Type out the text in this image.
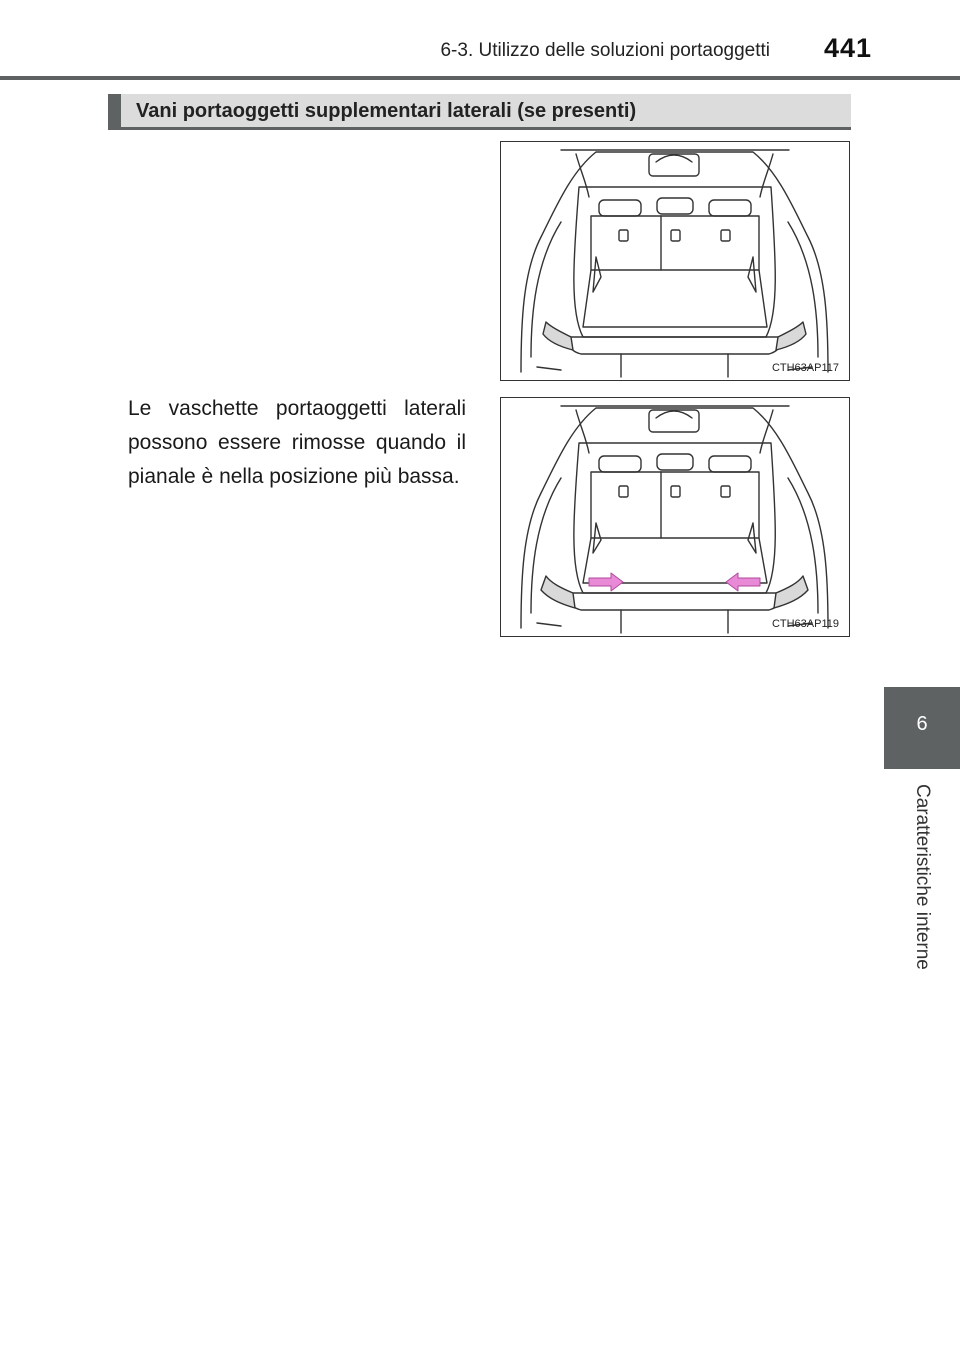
6-3. Utilizzo delle soluzioni portaoggetti	441
6
Caratteristiche interne
Vani portaoggetti supplementari laterali (se presenti)
Le vaschette portaoggetti laterali possono essere rimosse quando il pianale è nella posizione più bassa.
CTH63AP117
CTH63AP119
